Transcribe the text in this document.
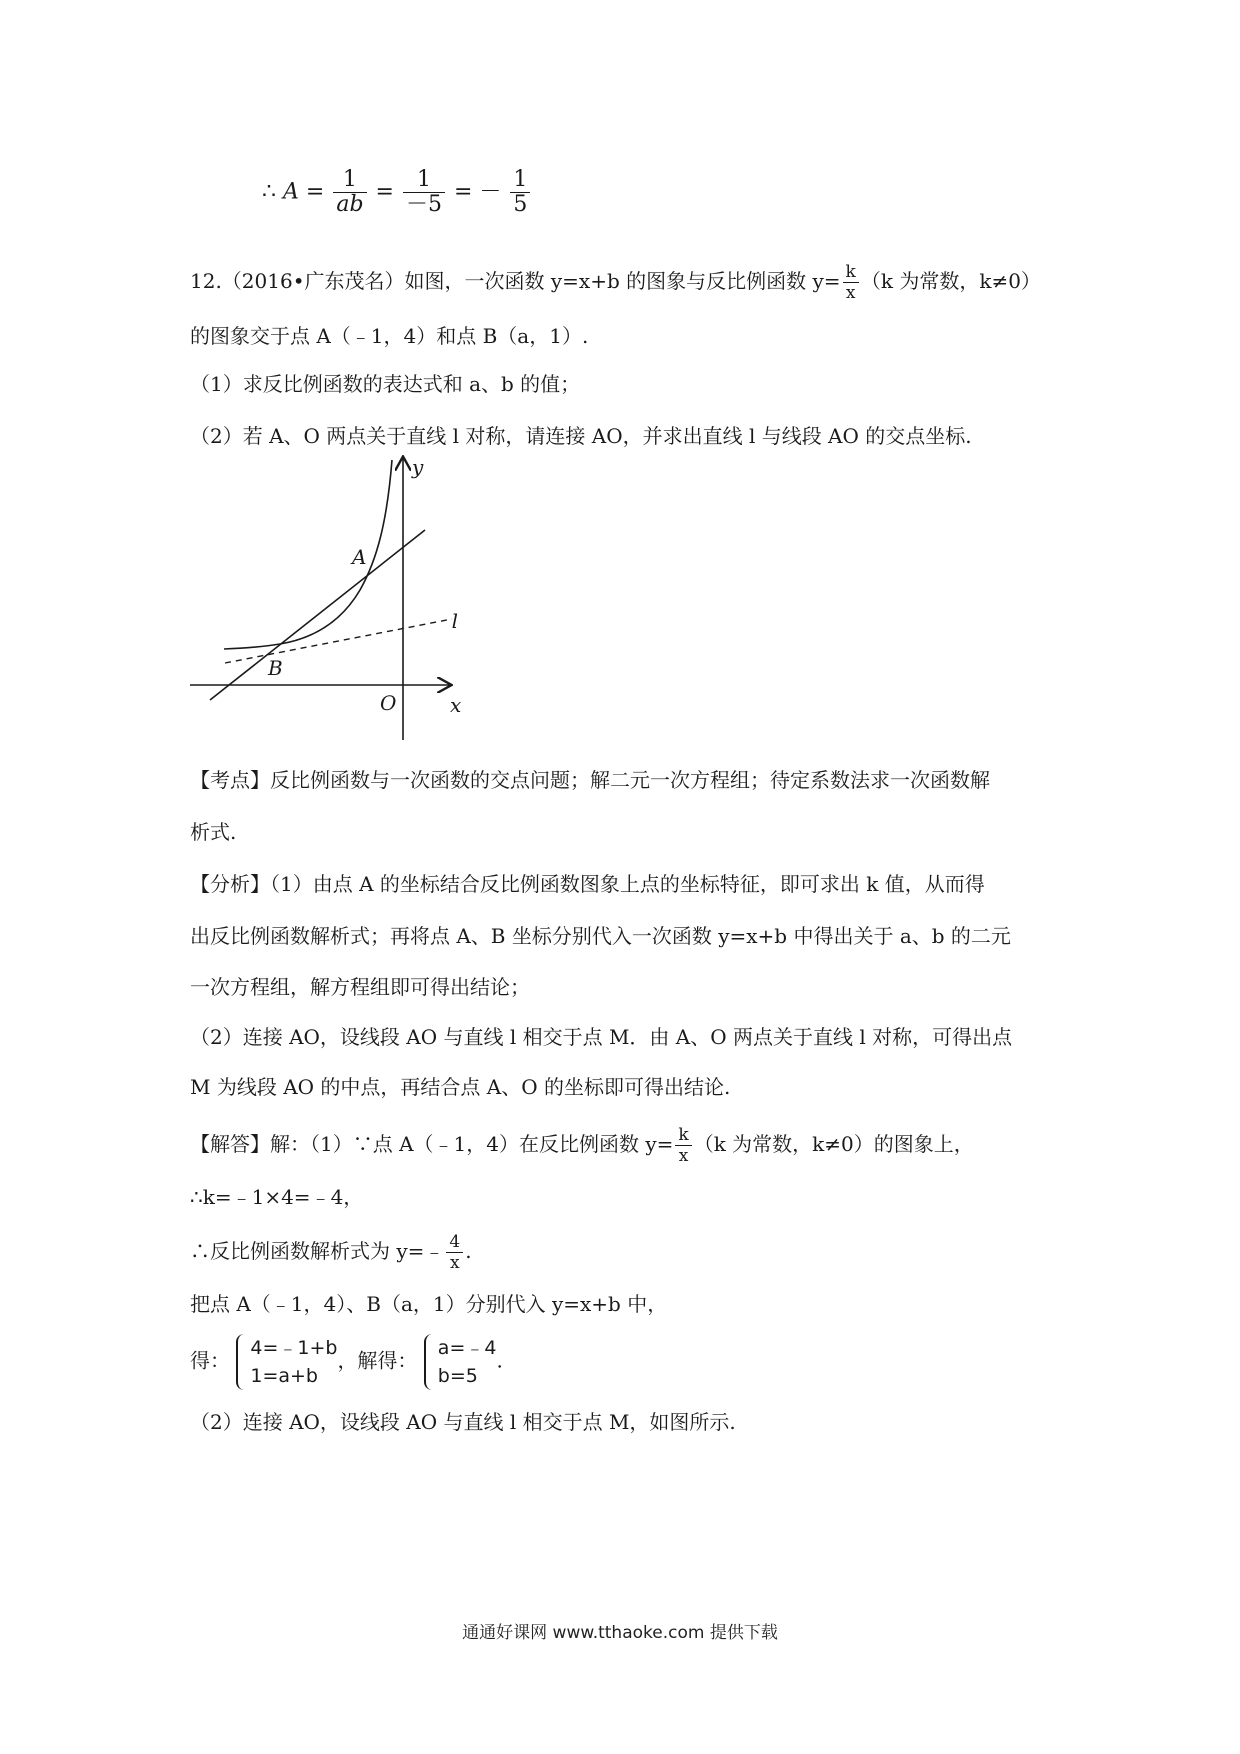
∴ $A = \frac{1}{ab} = \frac{1}{-5}$ = － $\frac{1}{5}$
12.（2016•广东茂名）如图，一次函数 y=x+b 的图象与反比例函数 $y= \frac{k}{x} (k$ 为常数，k≠0）
的图象交于点 A（﹣1，4）和点 B（a，1）.
（1）求反比例函数的表达式和 a、b 的值；
（2）若 A、O 两点关于直线 l 对称，请连接 AO，并求出直线 l 与线段 AO 的交点坐标.
y
x
A
B
O
l
【考点】反比例函数与一次函数的交点问题；解二元一次方程组；待定系数法求一次函数解
析式.
【分析】（1）由点 A 的坐标结合反比例函数图象上点的坐标特征，即可求出 k 值，从而得
出反比例函数解析式；再将点 A、B 坐标分别代入一次函数 y=x+b 中得出关于 a、b 的二元
一次方程组，解方程组即可得出结论；
（2）连接 AO，设线段 AO 与直线 l 相交于点 M．由 A、O 两点关于直线 l 对称，可得出点
M 为线段 AO 的中点，再结合点 A、O 的坐标即可得出结论.
【解答】解：（1）∵点 A（﹣1，4）在反比例函数 $y= \frac{k}{x} (k$ 为常数，k≠0）的图象上，
∴k=﹣1×4=﹣4，
∴反比例函数解析式为 y=﹣ $\frac{4}{x}$ .
把点 A（﹣1，4）、B（a，1）分别代入 y=x+b 中，
得：
4=﹣1+b
1=a+b
，解得：
a=﹣4
b=5
.
（2）连接 AO，设线段 AO 与直线 l 相交于点 M，如图所示.
通通好课网 www.tthaoke.com 提供下载
